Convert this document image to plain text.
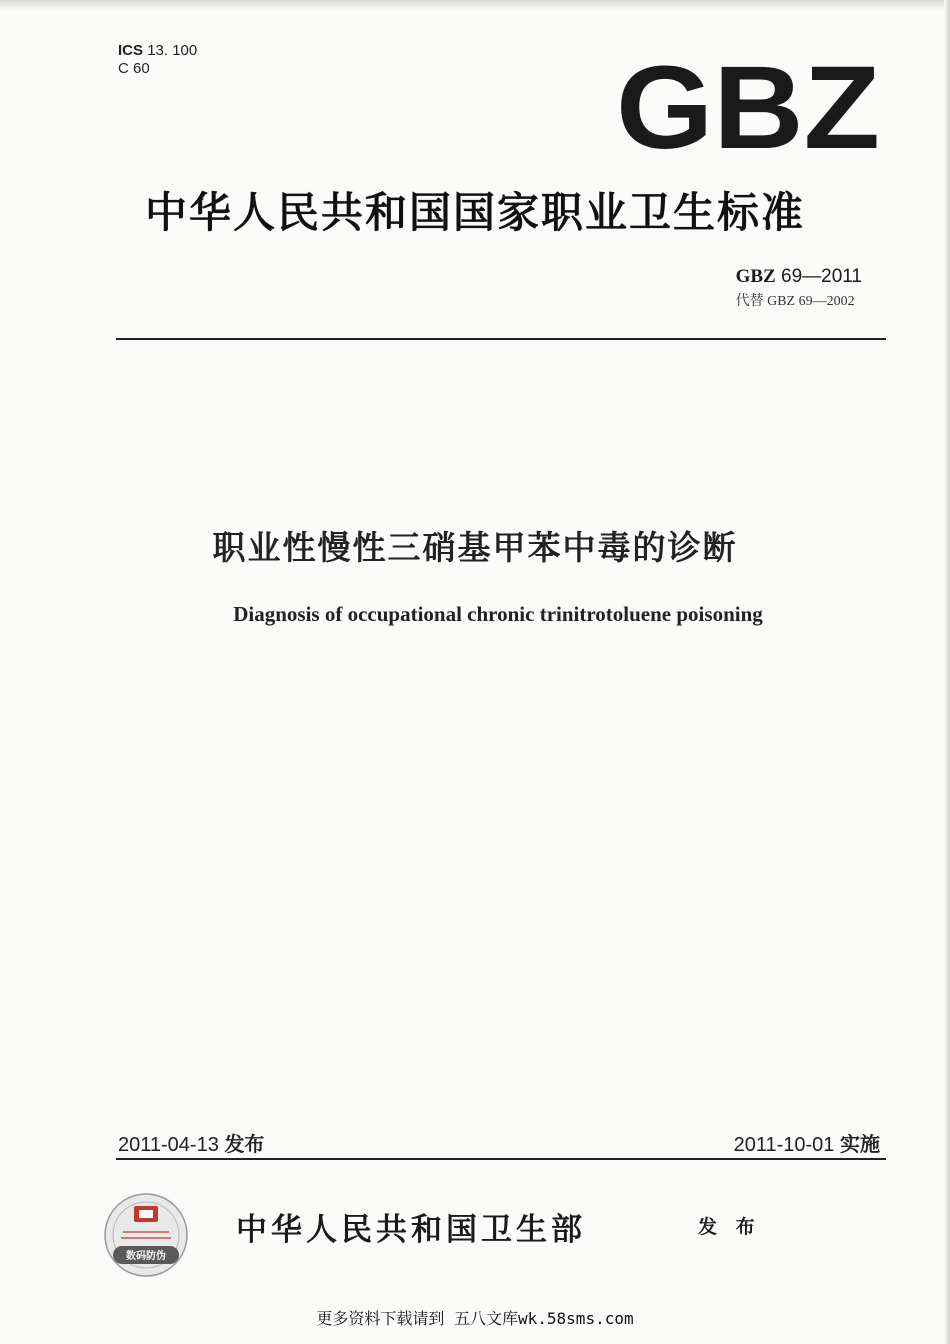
ICS 13. 100
C 60	GBZ
中华人民共和国国家职业卫生标准
GBZ 69—2011
代替 GBZ 69—2002
职业性慢性三硝基甲苯中毒的诊断
Diagnosis of occupational chronic trinitrotoluene poisoning
2011-04-13 发布	2011-10-01 实施
数码防伪
中华人民共和国卫生部	发 布
更多资料下载请到 五八文库wk.58sms.com
